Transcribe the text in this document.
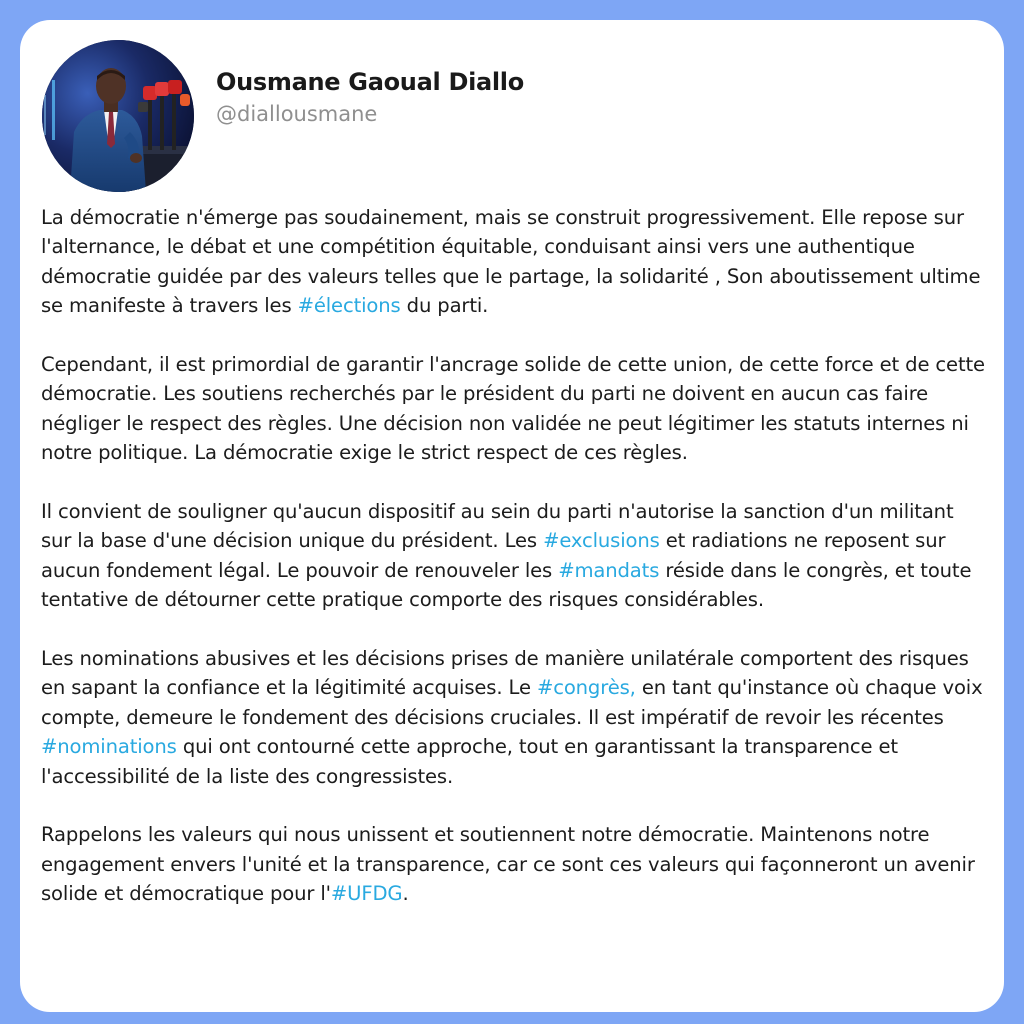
Ousmane Gaoual Diallo
@diallousmane

La démocratie n'émerge pas soudainement, mais se construit progressivement. Elle repose sur l'alternance, le débat et une compétition équitable, conduisant ainsi vers une authentique démocratie guidée par des valeurs telles que le partage, la solidarité , Son aboutissement ultime se manifeste à travers les #élections du parti.

Cependant, il est primordial de garantir l'ancrage solide de cette union, de cette force et de cette démocratie. Les soutiens recherchés par le président du parti ne doivent en aucun cas faire négliger le respect des règles. Une décision non validée ne peut légitimer les statuts internes ni notre politique. La démocratie exige le strict respect de ces règles.

Il convient de souligner qu'aucun dispositif au sein du parti n'autorise la sanction d'un militant sur la base d'une décision unique du président. Les #exclusions et radiations ne reposent sur aucun fondement légal. Le pouvoir de renouveler les #mandats réside dans le congrès, et toute tentative de détourner cette pratique comporte des risques considérables.

Les nominations abusives et les décisions prises de manière unilatérale comportent des risques en sapant la confiance et la légitimité acquises. Le #congrès, en tant qu'instance où chaque voix compte, demeure le fondement des décisions cruciales. Il est impératif de revoir les récentes #nominations qui ont contourné cette approche, tout en garantissant la transparence et l'accessibilité de la liste des congressistes.

Rappelons les valeurs qui nous unissent et soutiennent notre démocratie. Maintenons notre engagement envers l'unité et la transparence, car ce sont ces valeurs qui façonneront un avenir solide et démocratique pour l'#UFDG.
